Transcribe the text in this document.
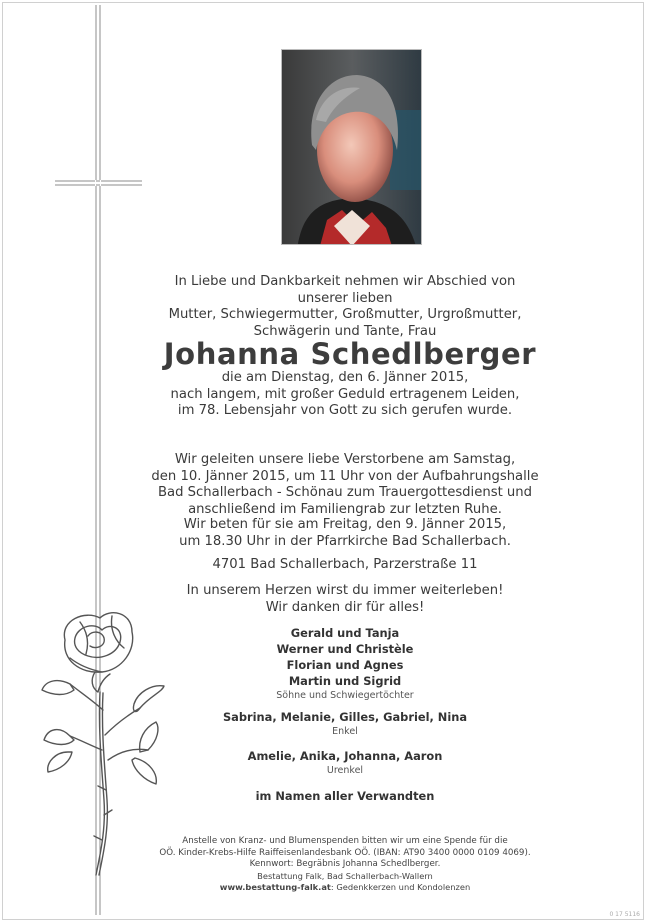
In Liebe und Dankbarkeit nehmen wir Abschied von unserer lieben
Mutter, Schwiegermutter, Großmutter, Urgroßmutter,
Schwägerin und Tante, Frau
Johanna Schedlberger
die am Dienstag, den 6. Jänner 2015,
nach langem, mit großer Geduld ertragenem Leiden,
im 78. Lebensjahr von Gott zu sich gerufen wurde.
Wir geleiten unsere liebe Verstorbene am Samstag,
den 10. Jänner 2015, um 11 Uhr von der Aufbahrungshalle
Bad Schallerbach - Schönau zum Trauergottesdienst und
anschließend im Familiengrab zur letzten Ruhe.
Wir beten für sie am Freitag, den 9. Jänner 2015,
um 18.30 Uhr in der Pfarrkirche Bad Schallerbach.
4701 Bad Schallerbach, Parzerstraße 11
In unserem Herzen wirst du immer weiterleben!
Wir danken dir für alles!
Gerald und Tanja
Werner und Christèle
Florian und Agnes
Martin und Sigrid
Söhne und Schwiegertöchter
Sabrina, Melanie, Gilles, Gabriel, Nina
Enkel
Amelie, Anika, Johanna, Aaron
Urenkel
im Namen aller Verwandten
Anstelle von Kranz- und Blumenspenden bitten wir um eine Spende für die
OÖ. Kinder-Krebs-Hilfe Raiffeisenlandesbank OÖ. (IBAN: AT90 3400 0000 0109 4069).
Kennwort: Begräbnis Johanna Schedlberger.
Bestattung Falk, Bad Schallerbach-Wallern
www.bestattung-falk.at: Gedenkkerzen und Kondolenzen
0 17 5116
